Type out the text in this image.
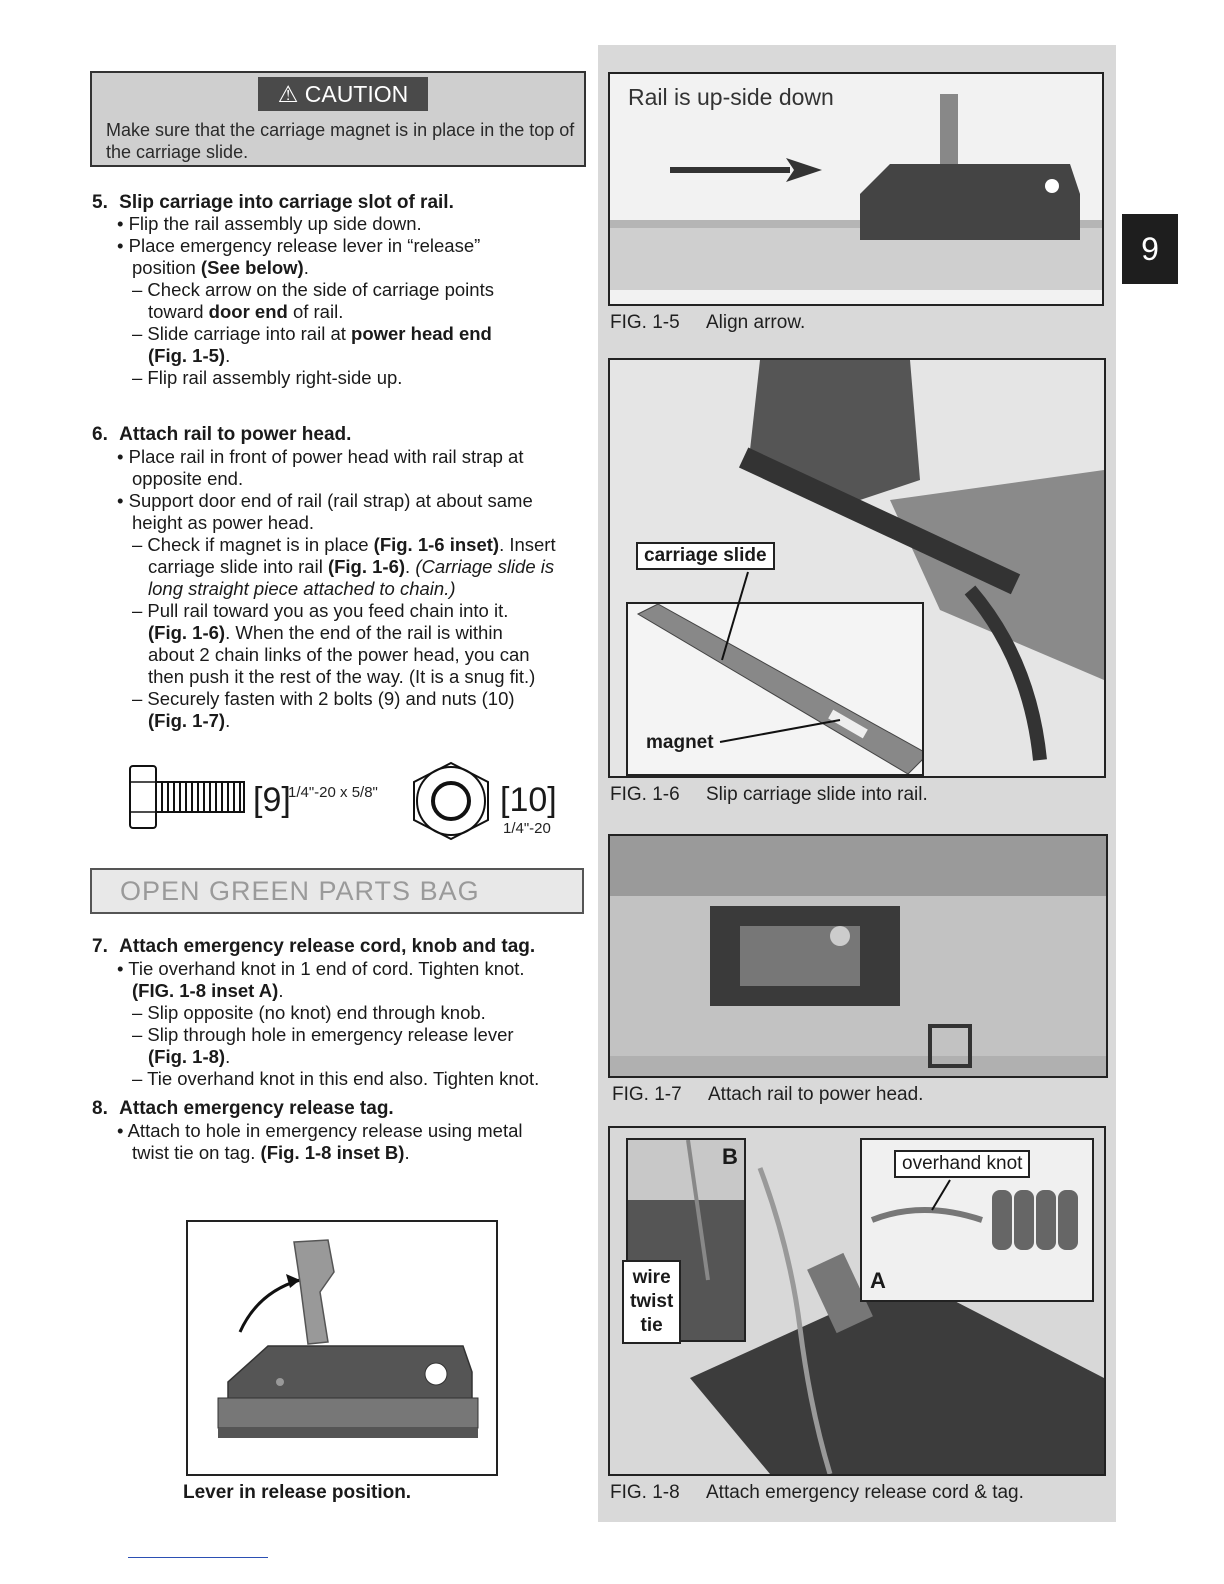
⚠ CAUTION
Make sure that the carriage magnet is in place in the top of the carriage slide.
5. Slip carriage into carriage slot of rail.
• Flip the rail assembly up side down.
• Place emergency release lever in “release”
position (See below).
– Check arrow on the side of carriage points
toward door end of rail.
– Slide carriage into rail at power head end
(Fig. 1-5).
– Flip rail assembly right-side up.
6. Attach rail to power head.
• Place rail in front of power head with rail strap at
opposite end.
• Support door end of rail (rail strap) at about same
height as power head.
– Check if magnet is in place (Fig. 1-6 inset). Insert
carriage slide into rail (Fig. 1-6). (Carriage slide is
long straight piece attached to chain.)
– Pull rail toward you as you feed chain into it.
(Fig. 1-6). When the end of the rail is within
about 2 chain links of the power head, you can
then push it the rest of the way. (It is a snug fit.)
– Securely fasten with 2 bolts (9) and nuts (10)
(Fig. 1-7).
[9]
1/4"-20 x 5/8"	[10]
1/4"-20
OPEN GREEN PARTS BAG
7. Attach emergency release cord, knob and tag.
• Tie overhand knot in 1 end of cord. Tighten knot.
(FIG. 1-8 inset A).
– Slip opposite (no knot) end through knob.
– Slip through hole in emergency release lever
(Fig. 1-8).
– Tie overhand knot in this end also. Tighten knot.
8. Attach emergency release tag.
• Attach to hole in emergency release using metal
twist tie on tag. (Fig. 1-8 inset B).
Lever in release position.
Rail is up-side down
FIG. 1-5 Align arrow.
carriage slide
magnet
FIG. 1-6 Slip carriage slide into rail.
FIG. 1-7 Attach rail to power head.
B
wire
twist
tie
A
overhand knot
FIG. 1-8 Attach emergency release cord & tag.
9
